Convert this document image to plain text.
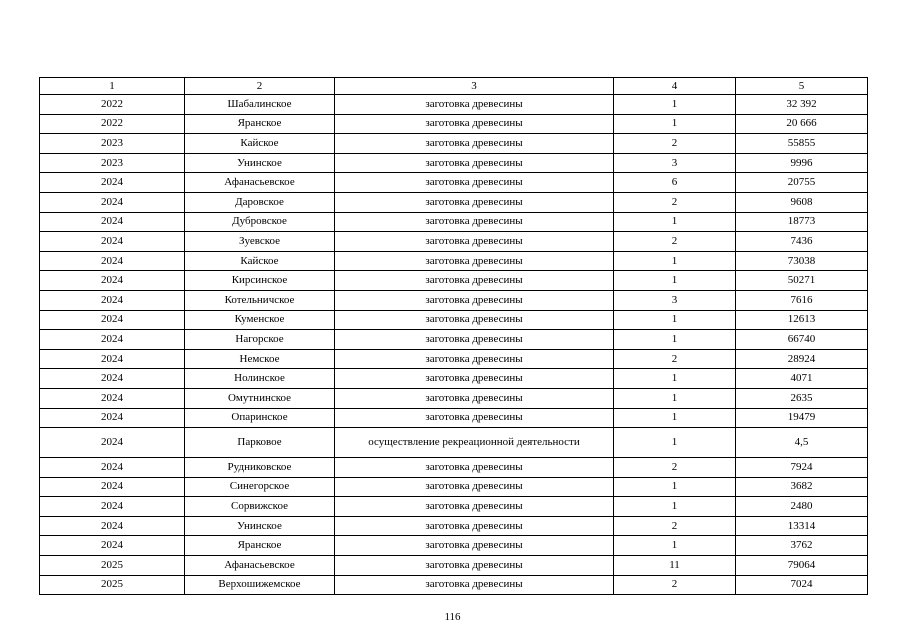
1	2	3	4	5
2022	Шабалинское	заготовка древесины	1	32 392
2022	Яранское	заготовка древесины	1	20 666
2023	Кайское	заготовка древесины	2	55855
2023	Унинское	заготовка древесины	3	9996
2024	Афанасьевское	заготовка древесины	6	20755
2024	Даровское	заготовка древесины	2	9608
2024	Дубровское	заготовка древесины	1	18773
2024	Зуевское	заготовка древесины	2	7436
2024	Кайское	заготовка древесины	1	73038
2024	Кирсинское	заготовка древесины	1	50271
2024	Котельничское	заготовка древесины	3	7616
2024	Куменское	заготовка древесины	1	12613
2024	Нагорское	заготовка древесины	1	66740
2024	Немское	заготовка древесины	2	28924
2024	Нолинское	заготовка древесины	1	4071
2024	Омутнинское	заготовка древесины	1	2635
2024	Опаринское	заготовка древесины	1	19479
2024	Парковое	осуществление рекреационной деятельности	1	4,5
2024	Рудниковское	заготовка древесины	2	7924
2024	Синегорское	заготовка древесины	1	3682
2024	Сорвижское	заготовка древесины	1	2480
2024	Унинское	заготовка древесины	2	13314
2024	Яранское	заготовка древесины	1	3762
2025	Афанасьевское	заготовка древесины	11	79064
2025	Верхошижемское	заготовка древесины	2	7024
116
